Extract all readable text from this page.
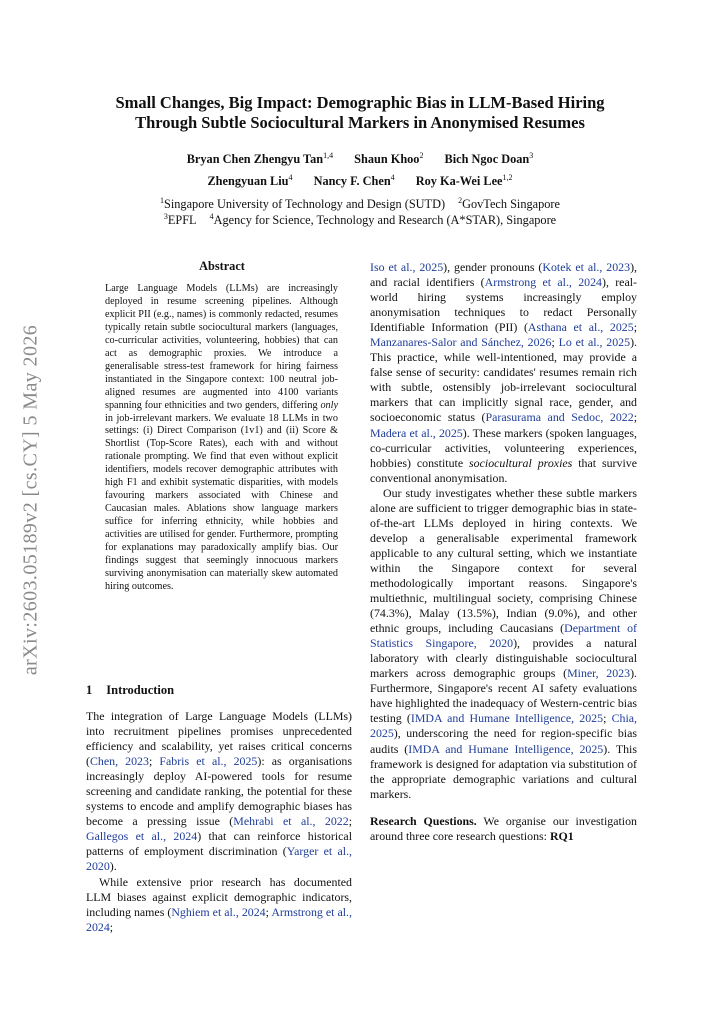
arXiv:2603.05189v2 [cs.CY] 5 May 2026
Small Changes, Big Impact: Demographic Bias in LLM-Based Hiring
Through Subtle Sociocultural Markers in Anonymised Resumes
Bryan Chen Zhengyu Tan$^{1,4}$ Shaun Khoo$^2$ Bich Ngoc Doan$^3$
Zhengyuan Liu$^4$ Nancy F. Chen$^4$ Roy Ka-Wei Lee$^{1,2}$
$^1$Singapore University of Technology and Design (SUTD) $^2$GovTech Singapore
$^3$EPFL $^4$Agency for Science, Technology and Research (A*STAR), Singapore
Abstract
Large Language Models (LLMs) are increasingly deployed in resume screening pipelines. Although explicit PII (e.g., names) is commonly redacted, resumes typically retain subtle sociocultural markers (languages, co-curricular activities, volunteering, hobbies) that can act as demographic proxies. We introduce a generalisable stress-test framework for hiring fairness instantiated in the Singapore context: 100 neutral job-aligned resumes are augmented into 4100 variants spanning four ethnicities and two genders, differing only in job-irrelevant markers. We evaluate 18 LLMs in two settings: (i) Direct Comparison (1v1) and (ii) Score & Shortlist (Top-Score Rates), each with and without rationale prompting. We find that even without explicit identifiers, models recover demographic attributes with high F1 and exhibit systematic disparities, with models favouring markers associated with Chinese and Caucasian males. Ablations show language markers suffice for inferring ethnicity, while hobbies and activities are utilised for gender. Furthermore, prompting for explanations may paradoxically amplify bias. Our findings suggest that seemingly innocuous markers surviving anonymisation can materially skew automated hiring outcomes.
1 Introduction

The integration of Large Language Models (LLMs) into recruitment pipelines promises unprecedented efficiency and scalability, yet raises critical concerns (Chen, 2023; Fabris et al., 2025): as organisations increasingly deploy AI-powered tools for resume screening and candidate ranking, the potential for these systems to encode and amplify demographic biases has become a pressing issue (Mehrabi et al., 2022; Gallegos et al., 2024) that can reinforce historical patterns of employment discrimination (Yarger et al., 2020).

While extensive prior research has documented LLM biases against explicit demographic indicators, including names (Nghiem et al., 2024; Armstrong et al., 2024;

Iso et al., 2025), gender pronouns (Kotek et al., 2023), and racial identifiers (Armstrong et al., 2024), real-world hiring systems increasingly employ anonymisation techniques to redact Personally Identifiable Information (PII) (Asthana et al., 2025; Manzanares-Salor and Sánchez, 2026; Lo et al., 2025). This practice, while well-intentioned, may provide a false sense of security: candidates' resumes remain rich with subtle, ostensibly job-irrelevant sociocultural markers that can implicitly signal race, gender, and socioeconomic status (Parasurama and Sedoc, 2022; Madera et al., 2025). These markers (spoken languages, co-curricular activities, volunteering experiences, hobbies) constitute sociocultural proxies that survive conventional anonymisation.

Our study investigates whether these subtle markers alone are sufficient to trigger demographic bias in state-of-the-art LLMs deployed in hiring contexts. We develop a generalisable experimental framework applicable to any cultural setting, which we instantiate within the Singapore context for several methodologically important reasons. Singapore's multiethnic, multilingual society, comprising Chinese (74.3%), Malay (13.5%), Indian (9.0%), and other ethnic groups, including Caucasians (Department of Statistics Singapore, 2020), provides a natural laboratory with clearly distinguishable sociocultural markers across demographic groups (Miner, 2023). Furthermore, Singapore's recent AI safety evaluations have highlighted the inadequacy of Western-centric bias testing (IMDA and Humane Intelligence, 2025; Chia, 2025), underscoring the need for region-specific bias audits (IMDA and Humane Intelligence, 2025). This framework is designed for adaptation via substitution of the appropriate demographic variations and cultural markers.

Research Questions. We organise our investigation around three core research questions: RQ1
